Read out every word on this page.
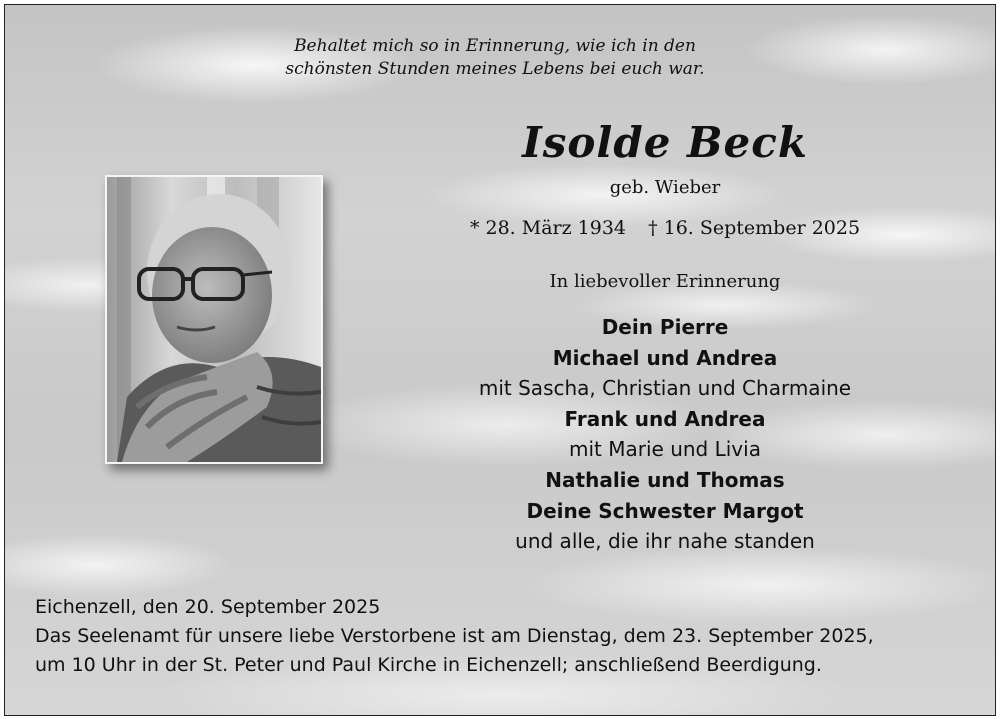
Behaltet mich so in Erinnerung, wie ich in den
schönsten Stunden meines Lebens bei euch war.
Isolde Beck
geb. Wieber
* 28. März 1934 † 16. September 2025
In liebevoller Erinnerung
Dein Pierre
Michael und Andrea
mit Sascha, Christian und Charmaine
Frank und Andrea
mit Marie und Livia
Nathalie und Thomas
Deine Schwester Margot
und alle, die ihr nahe standen
Eichenzell, den 20. September 2025
Das Seelenamt für unsere liebe Verstorbene ist am Dienstag, dem 23. September 2025,
um 10 Uhr in der St. Peter und Paul Kirche in Eichenzell; anschließend Beerdigung.
